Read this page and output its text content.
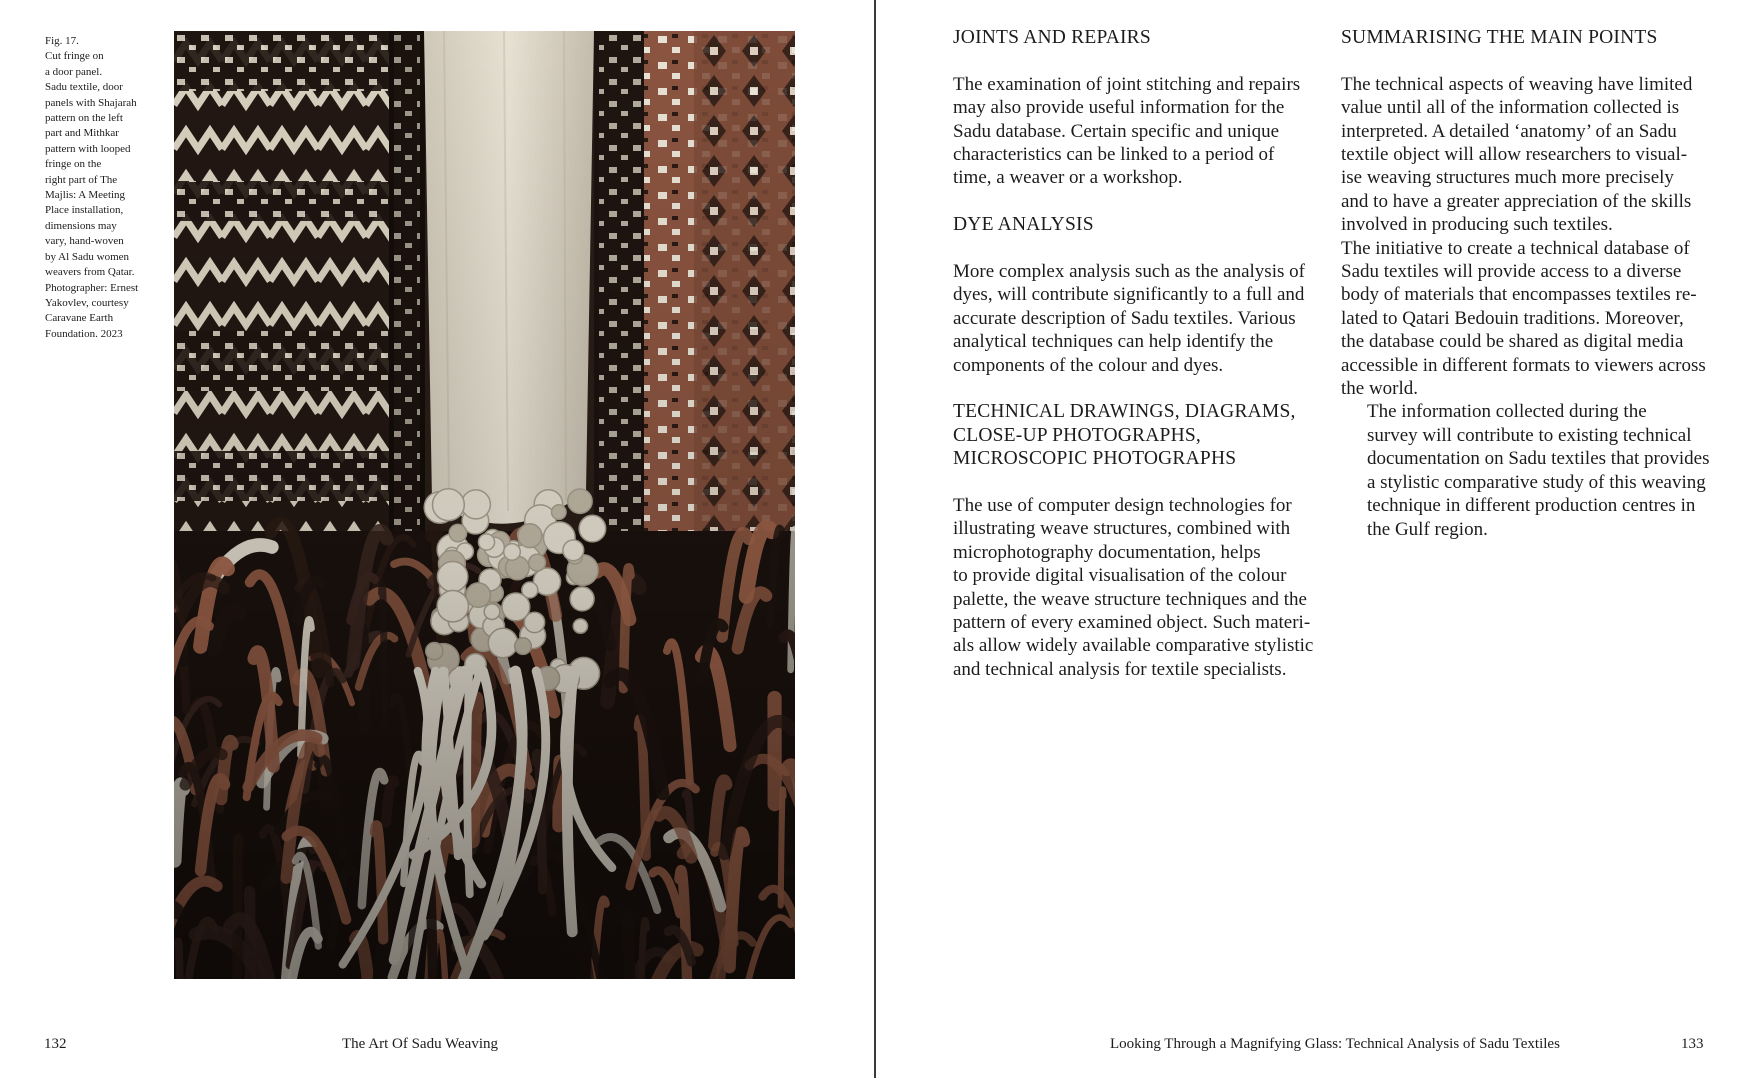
Fig. 17.
Cut fringe on
a door panel.
Sadu textile, door
panels with Shajarah
pattern on the left
part and Mithkar
pattern with looped
fringe on the
right part of The
Majlis: A Meeting
Place installation,
dimensions may
vary, hand-woven
by Al Sadu women
weavers from Qatar.
Photographer: Ernest
Yakovlev, courtesy
Caravane Earth
Foundation. 2023
132	The Art Of Sadu Weaving
JOINTS AND REPAIRS

The examination of joint stitching and repairs
may also provide useful information for the
Sadu database. Certain specific and unique
characteristics can be linked to a period of
time, a weaver or a workshop.

DYE ANALYSIS

More complex analysis such as the analysis of
dyes, will contribute significantly to a full and
accurate description of Sadu textiles. Various
analytical techniques can help identify the
components of the colour and dyes.

TECHNICAL DRAWINGS, DIAGRAMS,
CLOSE-UP PHOTOGRAPHS,
MICROSCOPIC PHOTOGRAPHS

The use of computer design technologies for
illustrating weave structures, combined with
microphotography documentation, helps
to provide digital visualisation of the colour
palette, the weave structure techniques and the
pattern of every examined object. Such materi-
als allow widely available comparative stylistic
and technical analysis for textile specialists.

SUMMARISING THE MAIN POINTS

The technical aspects of weaving have limited
value until all of the information collected is
interpreted. A detailed ‘anatomy’ of an Sadu
textile object will allow researchers to visual-
ise weaving structures much more precisely
and to have a greater appreciation of the skills
involved in producing such textiles.
The initiative to create a technical database of
Sadu textiles will provide access to a diverse
body of materials that encompasses textiles re-
lated to Qatari Bedouin traditions. Moreover,
the database could be shared as digital media
accessible in different formats to viewers across
the world.

The information collected during the
survey will contribute to existing technical
documentation on Sadu textiles that provides
a stylistic comparative study of this weaving
technique in different production centres in
the Gulf region.

Looking Through a Magnifying Glass: Technical Analysis of Sadu Textiles	133
